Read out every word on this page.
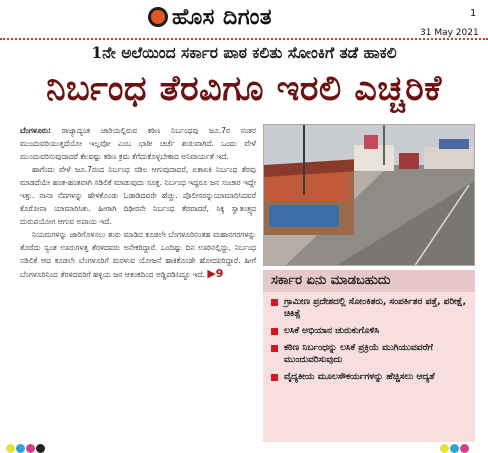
ಹೊಸ ದಿಗಂತ	1
31 May 2021
1ನೇ ಅಲೆಯಿಂದ ಸರ್ಕಾರ ಪಾಠ ಕಲಿತು ಸೋಂಕಿಗೆ ತಡೆ ಹಾಕಲಿ
ನಿರ್ಬಂಧ ತೆರವಿಗೂ ಇರಲಿ ಎಚ್ಚರಿಕೆ

ಬೆಂಗಳೂರು: ರಾಜ್ಯಾದ್ಯಂತ ಜಾರಿಯಲ್ಲಿರುವ ಕಠಿಣ ನಿರ್ಬಂಧವು ಜೂ.7ರ ನಂತರ ಮುಂದುವರಿಯುತ್ತದೆಯೋ ಇಲ್ಲವೋ ಎಂಬ ಭಾರೀ ಚರ್ಚೆ ಶುರುವಾಗಿದೆ. ಒಂದು ವೇಳೆ ಮುಂದುವರಿಸುವುದಾದರೆ ಕೆಲವಷ್ಟು ಕಠಿಣ ಕ್ರಮ ಕೆಗೆದುಕೊಳ್ಳಬೇಕಾದ ಅನಿವಾರ್ಯತೆ ಇದೆ.

ಹಾಗೆಂದು ವೇಳೆ ಜೂ.7ರಂದ ನಿರ್ಬಂಧ ಸಡಿಲ ಆಗುವುದಾದರೆ, ಏಕಾಏಕಿ ನಿರ್ಬಂಧ ತೆರವು ಮಾಡದೆಯೇ ಹಂತ-ಹಂತವಾಗಿ ಸಡಿಲಿಕೆ ಮಾಡುವುದು ಸೂಕ್ತ. ನಿರ್ಬಂಧ ಇದ್ದರೂ ಜನ ಸಂಚಾರ ಇದ್ದೇ ಇತ್ತು. ನಾನಾ ನೆಪಗಳನ್ನು ಹೇಳಿಕೊಂಡು ಓಡಾಡಿದವರೇ ಹೆಚ್ಚು. ಪೊಲೀಸರನ್ನುಯಾಮಾರಿಸಿದವರೆ ಕೊರೋನಾ ಯಾಮಾರಿಸಿತು. ಹೀಗಾಗಿ ದಿಢೀರನೇ ನಿರ್ಬಂಧ ತೆರವಾದರೆ, ಸಿಕ್ಕ ಸ್ವಾತಂತ್ರ್ಯದ ದುರುಪಯೋಗ ಆಗುವ ಅಪಾಯ ಇದೆ.

ನಿಯಮಗಳನ್ನು ಜಾರಿಗೊಳಿಸಲು ಶುರು ಮಾಡಿದ ಕೂಡಲೇ ಬೆಂಗಳೂರಿನಂತಹ ಮಹಾನಗರಗಳನ್ನು ತೊರೆದು ಸ್ವಂತ ಊರುಗಳತ್ತ ತೆರಳಿದವರು ಅನೇಕರಿದ್ದಾರೆ. ಒಂದಿಷ್ಟು ದಿನ ಊರಿನಲ್ಲಿದ್ದು, ನಿರ್ಬಂಧ ಸಡಿಲಿಕೆ ಆದ ಕೂಡಲೇ ಬೆಂಗಳೂರಿಗೆ ಮರಳುವ ಯೋಜನೆ ಹಾಕಿಕೊಂಡೇ ಹೋದವರಿದ್ದಾರೆ. ಹೀಗೆ ಬೆಂಗಳೂರಿನಿಂದ ತೆರಳಿದವರಿಗೆ ಹಳ್ಳಿಯ ಜನ ಆತಂಕದಿಂದ ಅಡ್ಡಿಪಡಿಸಿದ್ದೂ ಇದೆ. ▶9	ಸರ್ಕಾರ ಏನು ಮಾಡಬಹುದು
ಗ್ರಾಮೀಣ ಪ್ರದೇಶದಲ್ಲಿ ಸೋಂಕಿತರು, ಸಂಪರ್ಕಿತರ ಪತ್ತೆ, ಪರೀಕ್ಷೆ, ಚಿಕಿತ್ಸೆ
ಲಸಿಕೆ ಅಭಿಯಾನ ಚುರುಕುಗೊಳಿಸಿ
ಕಠಿಣ ನಿರ್ಬಂಧನ್ನು ಲಸಿಕೆ ಪ್ರಕ್ರಿಯೆ ಮುಗಿಯುವವರೆಗೆ ಮುಂದುವರಿಸುವುದು
ವೈದ್ಯಕೀಯ ಮೂಲಸೌಕರ್ಯಗಳನ್ನು ಹೆಚ್ಚಿಸಲು ಆದ್ಯತೆ
